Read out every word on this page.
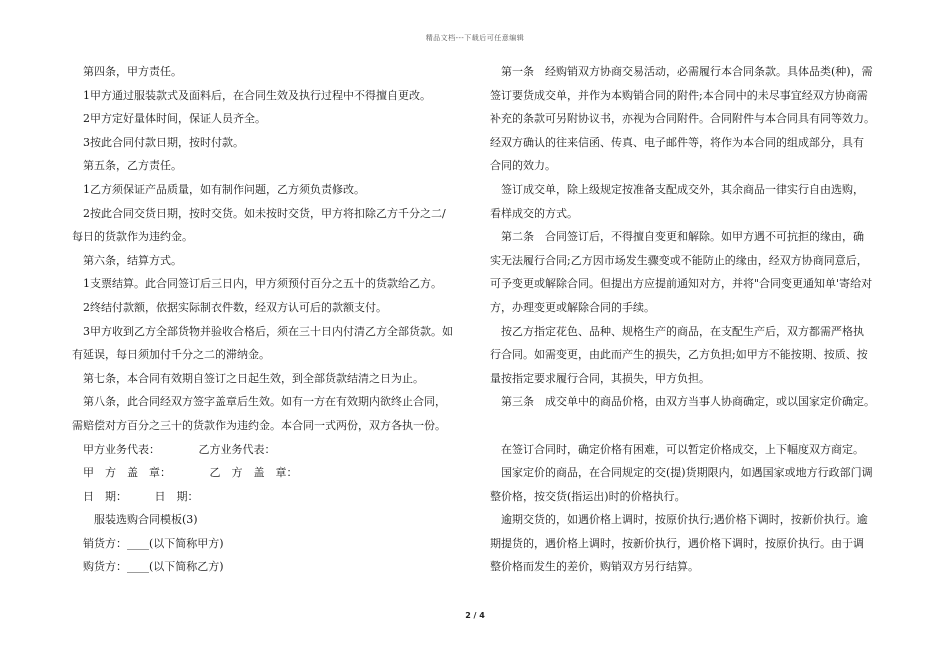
精品文档---下载后可任意编辑

　第四条，甲方责任。

　1甲方通过服装款式及面料后，在合同生效及执行过程中不得擅自更改。

　2甲方定好量体时间，保证人员齐全。

　3按此合同付款日期，按时付款。

　第五条，乙方责任。

　1乙方须保证产品质量，如有制作问题，乙方须负责修改。

　2按此合同交货日期，按时交货。如未按时交货，甲方将扣除乙方千分之二/

每日的货款作为违约金。

　第六条，结算方式。

　1支票结算。此合同签订后三日内，甲方须预付百分之五十的货款给乙方。

　2终结付款额，依据实际制衣件数，经双方认可后的款额支付。

　3甲方收到乙方全部货物并验收合格后，须在三十日内付清乙方全部货款。如

有延误，每日须加付千分之二的滞纳金。

　第七条，本合同有效期自签订之日起生效，到全部货款结清之日为止。

　第八条，此合同经双方签字盖章后生效。如有一方在有效期内欲终止合同，

需赔偿对方百分之三十的货款作为违约金。本合同一式两份，双方各执一份。

　甲方业务代表：　　　　乙方业务代表：

　甲　方　盖　章：　　　　乙　方　盖　章：

　日　期：　　　日　期：

　　服装选购合同模板(3)

　销货方：____(以下简称甲方)

　购货方：____(以下简称乙方)

　第一条　经购销双方协商交易活动，必需履行本合同条款。具体品类(种)，需

签订要货成交单，并作为本购销合同的附件;本合同中的未尽事宜经双方协商需

补充的条款可另附协议书，亦视为合同附件。合同附件与本合同具有同等效力。

经双方确认的往来信函、传真、电子邮件等，将作为本合同的组成部分，具有

合同的效力。

　签订成交单，除上级规定按准备支配成交外，其余商品一律实行自由选购，

看样成交的方式。

　第二条　合同签订后，不得擅自变更和解除。如甲方遇不可抗拒的缘由，确

实无法履行合同;乙方因市场发生骤变或不能防止的缘由，经双方协商同意后，

可予变更或解除合同。但提出方应提前通知对方，并将"合同变更通知单'寄给对

方，办理变更或解除合同的手续。

　按乙方指定花色、品种、规格生产的商品，在支配生产后，双方都需严格执

行合同。如需变更，由此而产生的损失，乙方负担;如甲方不能按期、按质、按

量按指定要求履行合同，其损失，甲方负担。

　第三条　成交单中的商品价格，由双方当事人协商确定，或以国家定价确定。

　在签订合同时，确定价格有困难，可以暂定价格成交，上下幅度双方商定。

　国家定价的商品，在合同规定的交(提)货期限内，如遇国家或地方行政部门调

整价格，按交货(指运出)时的价格执行。

　逾期交货的，如遇价格上调时，按原价执行;遇价格下调时，按新价执行。逾

期提货的，遇价格上调时，按新价执行，遇价格下调时，按原价执行。由于调

整价格而发生的差价，购销双方另行结算。

2 / 4
